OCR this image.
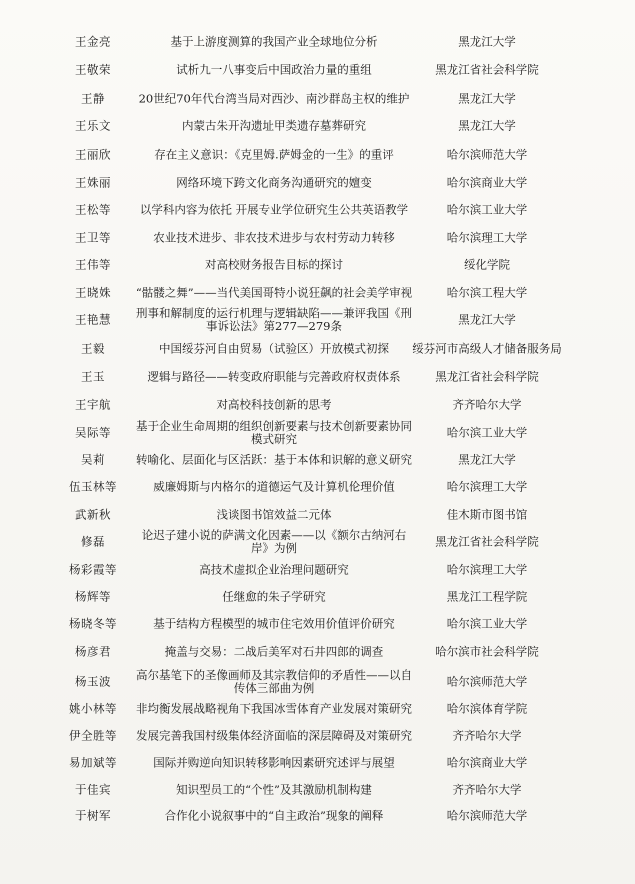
王金亮	基于上游度测算的我国产业全球地位分析	黑龙江大学
王敬荣	试析九一八事变后中国政治力量的重组	黑龙江省社会科学院
王静	20世纪70年代台湾当局对西沙、南沙群岛主权的维护	黑龙江大学
王乐文	内蒙古朱开沟遗址甲类遗存墓葬研究	黑龙江大学
王丽欣	存在主义意识：《克里姆.萨姆金的一生》的重评	哈尔滨师范大学
王姝丽	网络环境下跨文化商务沟通研究的嬗变	哈尔滨商业大学
王松等	以学科内容为依托 开展专业学位研究生公共英语教学	哈尔滨工业大学
王卫等	农业技术进步、非农技术进步与农村劳动力转移	哈尔滨理工大学
王伟等	对高校财务报告目标的探讨	绥化学院
王晓姝	“骷髅之舞”——当代美国哥特小说狂飙的社会美学审视	哈尔滨工程大学
王艳慧	刑事和解制度的运行机理与逻辑缺陷——兼评我国《刑事诉讼法》第277—279条	黑龙江大学
王毅	中国绥芬河自由贸易（试验区）开放模式初探	绥芬河市高级人才储备服务局
王玉	逻辑与路径——转变政府职能与完善政府权责体系	黑龙江省社会科学院
王宇航	对高校科技创新的思考	齐齐哈尔大学
吴际等	基于企业生命周期的组织创新要素与技术创新要素协同模式研究	哈尔滨工业大学
吴莉	转喻化、层面化与区活跃：基于本体和识解的意义研究	黑龙江大学
伍玉林等	威廉姆斯与内格尔的道德运气及计算机伦理价值	哈尔滨理工大学
武新秋	浅谈图书馆效益二元体	佳木斯市图书馆
修磊	论迟子建小说的萨满文化因素——以《额尔古纳河右岸》为例	黑龙江省社会科学院
杨彩霞等	高技术虚拟企业治理问题研究	哈尔滨理工大学
杨辉等	任继愈的朱子学研究	黑龙江工程学院
杨晓冬等	基于结构方程模型的城市住宅效用价值评价研究	哈尔滨工业大学
杨彦君	掩盖与交易：二战后美军对石井四郎的调查	哈尔滨市社会科学院
杨玉波	高尔基笔下的圣像画师及其宗教信仰的矛盾性——以自传体三部曲为例	哈尔滨师范大学
姚小林等	非均衡发展战略视角下我国冰雪体育产业发展对策研究	哈尔滨体育学院
伊全胜等	发展完善我国村级集体经济面临的深层障碍及对策研究	齐齐哈尔大学
易加斌等	国际并购逆向知识转移影响因素研究述评与展望	哈尔滨商业大学
于佳宾	知识型员工的“个性”及其激励机制构建	齐齐哈尔大学
于树军	合作化小说叙事中的“自主政治”现象的阐释	哈尔滨师范大学
